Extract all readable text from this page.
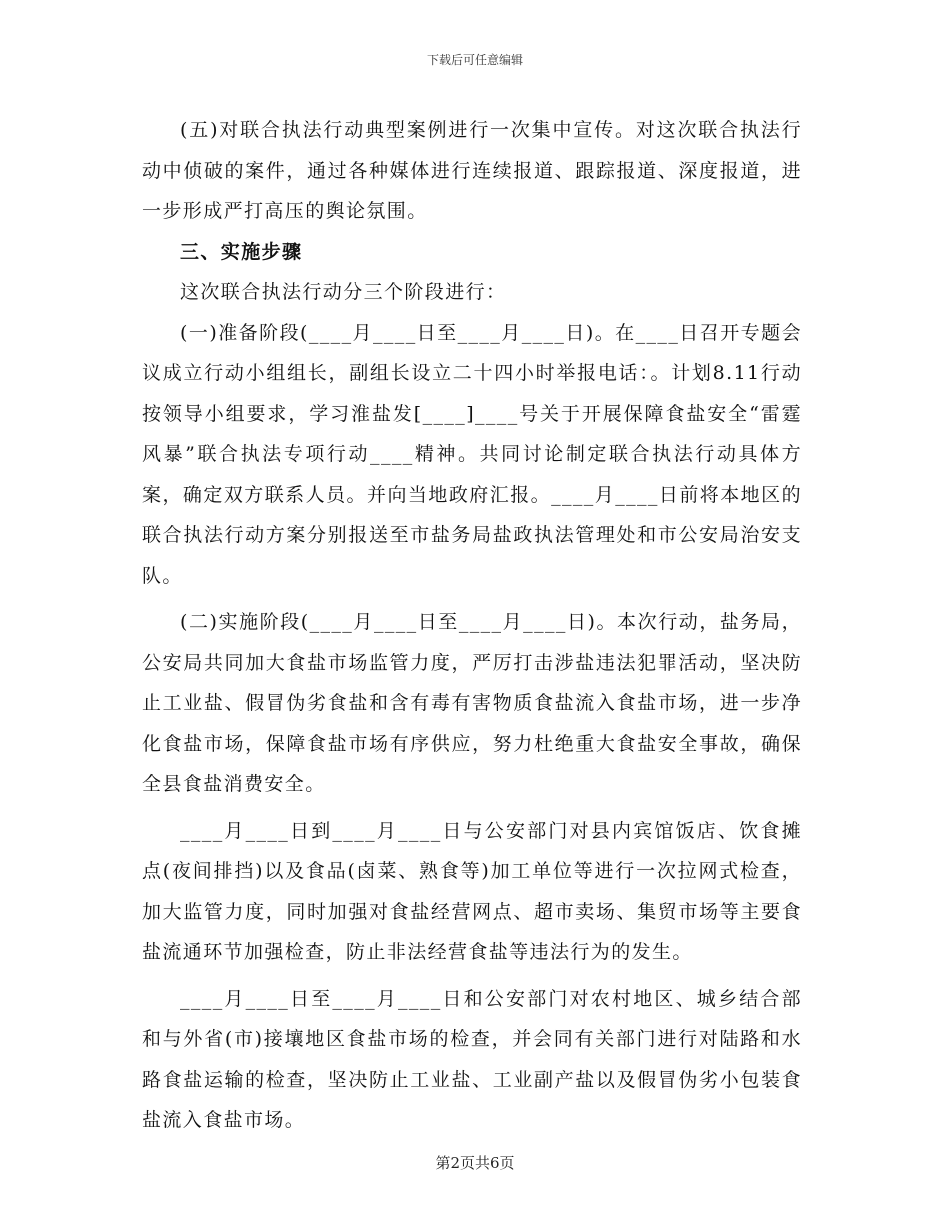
下载后可任意编辑

(五)对联合执法行动典型案例进行一次集中宣传。对这次联合执法行动中侦破的案件，通过各种媒体进行连续报道、跟踪报道、深度报道，进一步形成严打高压的舆论氛围。

三、实施步骤

这次联合执法行动分三个阶段进行：

(一)准备阶段(____月____日至____月____日)。在____日召开专题会议成立行动小组组长，副组长设立二十四小时举报电话：。计划8.11行动按领导小组要求，学习淮盐发[____]____号关于开展保障食盐安全“雷霆风暴”联合执法专项行动____精神。共同讨论制定联合执法行动具体方案，确定双方联系人员。并向当地政府汇报。____月____日前将本地区的联合执法行动方案分别报送至市盐务局盐政执法管理处和市公安局治安支队。

(二)实施阶段(____月____日至____月____日)。本次行动，盐务局，公安局共同加大食盐市场监管力度，严厉打击涉盐违法犯罪活动，坚决防止工业盐、假冒伪劣食盐和含有毒有害物质食盐流入食盐市场，进一步净化食盐市场，保障食盐市场有序供应，努力杜绝重大食盐安全事故，确保全县食盐消费安全。

____月____日到____月____日与公安部门对县内宾馆饭店、饮食摊点(夜间排挡)以及食品(卤菜、熟食等)加工单位等进行一次拉网式检查，加大监管力度，同时加强对食盐经营网点、超市卖场、集贸市场等主要食盐流通环节加强检查，防止非法经营食盐等违法行为的发生。

____月____日至____月____日和公安部门对农村地区、城乡结合部和与外省(市)接壤地区食盐市场的检查，并会同有关部门进行对陆路和水路食盐运输的检查，坚决防止工业盐、工业副产盐以及假冒伪劣小包装食盐流入食盐市场。

第2页共6页
